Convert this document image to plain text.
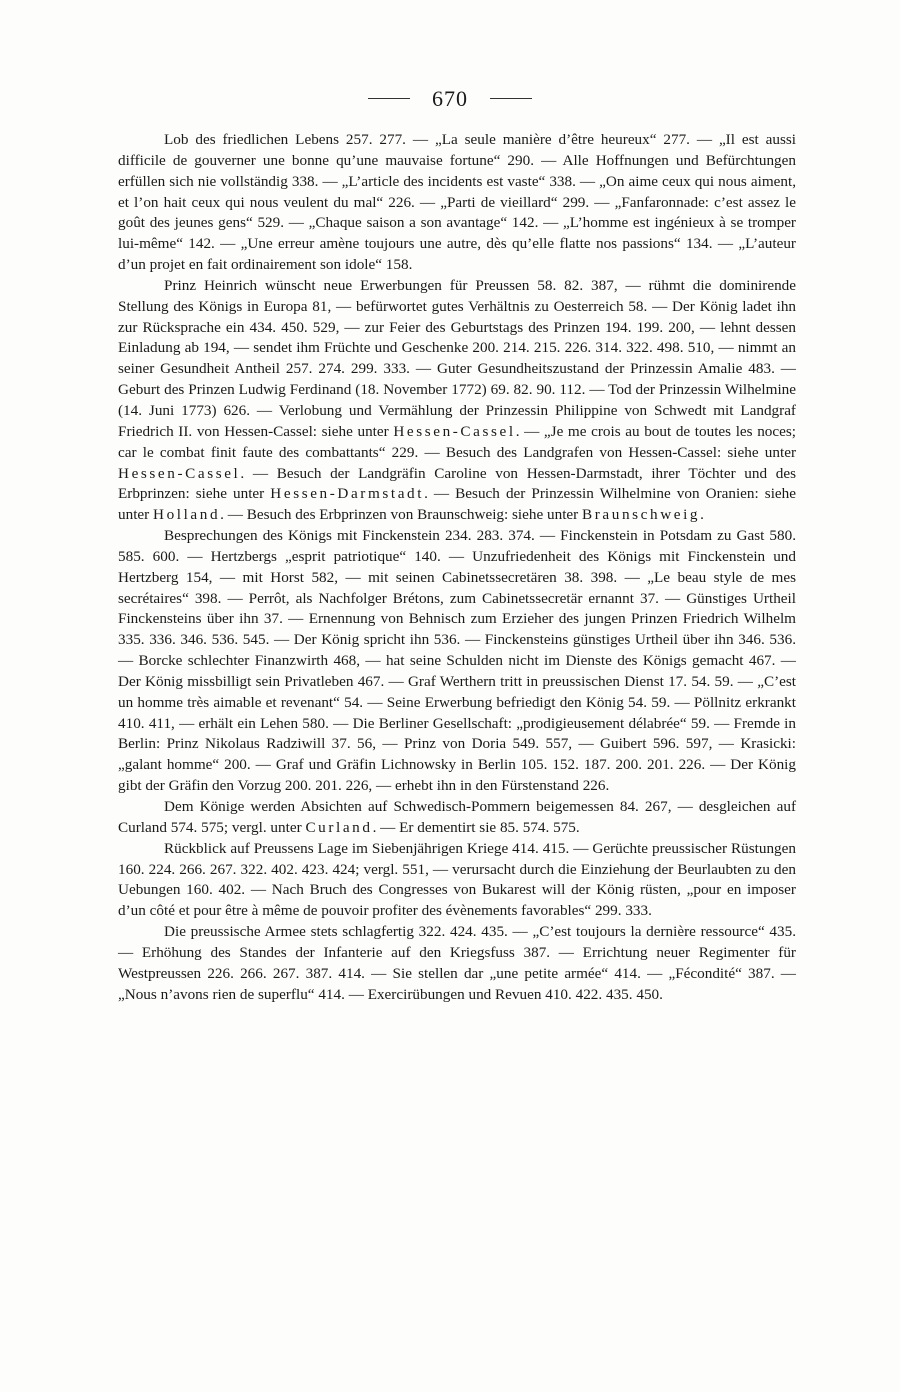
670

Lob des friedlichen Lebens 257. 277. — „La seule manière d’être heureux“ 277. — „Il est aussi difficile de gouverner une bonne qu’une mauvaise fortune“ 290. — Alle Hoffnungen und Befürchtungen erfüllen sich nie vollständig 338. — „L’article des incidents est vaste“ 338. — „On aime ceux qui nous aiment, et l’on hait ceux qui nous veulent du mal“ 226. — „Parti de vieillard“ 299. — „Fanfaronnade: c’est assez le goût des jeunes gens“ 529. — „Chaque saison a son avantage“ 142. — „L’homme est ingénieux à se tromper lui-même“ 142. — „Une erreur amène toujours une autre, dès qu’elle flatte nos passions“ 134. — „L’auteur d’un projet en fait ordinairement son idole“ 158.

Prinz Heinrich wünscht neue Erwerbungen für Preussen 58. 82. 387, — rühmt die dominirende Stellung des Königs in Europa 81, — befürwortet gutes Verhältnis zu Oesterreich 58. — Der König ladet ihn zur Rücksprache ein 434. 450. 529, — zur Feier des Geburtstags des Prinzen 194. 199. 200, — lehnt dessen Einladung ab 194, — sendet ihm Früchte und Geschenke 200. 214. 215. 226. 314. 322. 498. 510, — nimmt an seiner Gesundheit Antheil 257. 274. 299. 333. — Guter Gesundheitszustand der Prinzessin Amalie 483. — Geburt des Prinzen Ludwig Ferdinand (18. November 1772) 69. 82. 90. 112. — Tod der Prinzessin Wilhelmine (14. Juni 1773) 626. — Verlobung und Vermählung der Prinzessin Philippine von Schwedt mit Landgraf Friedrich II. von Hessen-Cassel: siehe unter Hessen-Cassel. — „Je me crois au bout de toutes les noces; car le combat finit faute des combattants“ 229. — Besuch des Landgrafen von Hessen-Cassel: siehe unter Hessen-Cassel. — Besuch der Landgräfin Caroline von Hessen-Darmstadt, ihrer Töchter und des Erbprinzen: siehe unter Hessen-Darmstadt. — Besuch der Prinzessin Wilhelmine von Oranien: siehe unter Holland. — Besuch des Erbprinzen von Braunschweig: siehe unter Braunschweig.

Besprechungen des Königs mit Finckenstein 234. 283. 374. — Finckenstein in Potsdam zu Gast 580. 585. 600. — Hertzbergs „esprit patriotique“ 140. — Unzufriedenheit des Königs mit Finckenstein und Hertzberg 154, — mit Horst 582, — mit seinen Cabinetssecretären 38. 398. — „Le beau style de mes secrétaires“ 398. — Perrôt, als Nachfolger Brétons, zum Cabinetssecretär ernannt 37. — Günstiges Urtheil Finckensteins über ihn 37. — Ernennung von Behnisch zum Erzieher des jungen Prinzen Friedrich Wilhelm 335. 336. 346. 536. 545. — Der König spricht ihn 536. — Finckensteins günstiges Urtheil über ihn 346. 536. — Borcke schlechter Finanzwirth 468, — hat seine Schulden nicht im Dienste des Königs gemacht 467. — Der König missbilligt sein Privatleben 467. — Graf Werthern tritt in preussischen Dienst 17. 54. 59. — „C’est un homme très aimable et revenant“ 54. — Seine Erwerbung befriedigt den König 54. 59. — Pöllnitz erkrankt 410. 411, — erhält ein Lehen 580. — Die Berliner Gesellschaft: „prodigieusement délabrée“ 59. — Fremde in Berlin: Prinz Nikolaus Radziwill 37. 56, — Prinz von Doria 549. 557, — Guibert 596. 597, — Krasicki: „galant homme“ 200. — Graf und Gräfin Lichnowsky in Berlin 105. 152. 187. 200. 201. 226. — Der König gibt der Gräfin den Vorzug 200. 201. 226, — erhebt ihn in den Fürstenstand 226.

Dem Könige werden Absichten auf Schwedisch-Pommern beigemessen 84. 267, — desgleichen auf Curland 574. 575; vergl. unter Curland. — Er dementirt sie 85. 574. 575.

Rückblick auf Preussens Lage im Siebenjährigen Kriege 414. 415. — Gerüchte preussischer Rüstungen 160. 224. 266. 267. 322. 402. 423. 424; vergl. 551, — verursacht durch die Einziehung der Beurlaubten zu den Uebungen 160. 402. — Nach Bruch des Congresses von Bukarest will der König rüsten, „pour en imposer d’un côté et pour être à même de pouvoir profiter des évènements favorables“ 299. 333.

Die preussische Armee stets schlagfertig 322. 424. 435. — „C’est toujours la dernière ressource“ 435. — Erhöhung des Standes der Infanterie auf den Kriegsfuss 387. — Errichtung neuer Regimenter für Westpreussen 226. 266. 267. 387. 414. — Sie stellen dar „une petite armée“ 414. — „Fécondité“ 387. — „Nous n’avons rien de superflu“ 414. — Exercirübungen und Revuen 410. 422. 435. 450.
